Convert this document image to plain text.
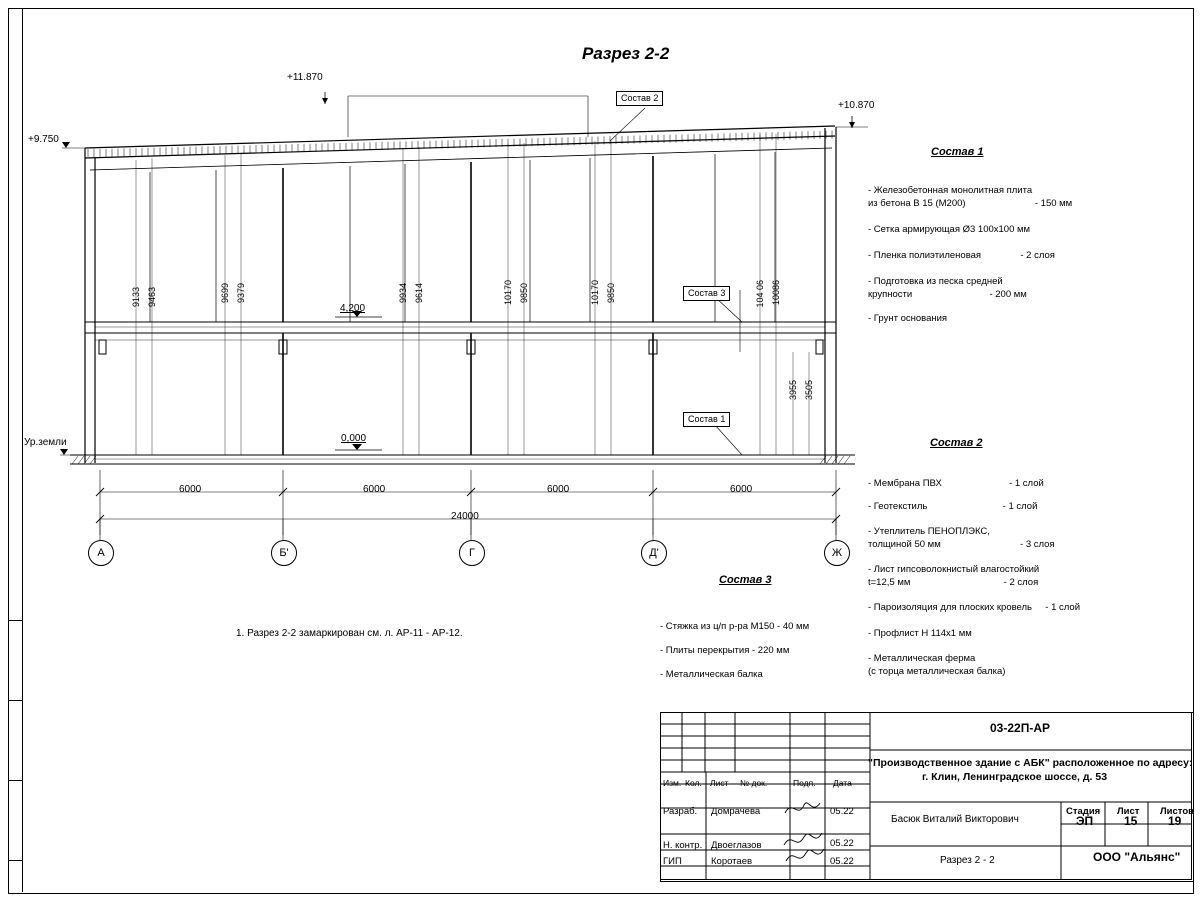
Разрез 2-2
+11.870
+10.870
+9.750
4,200
0,000
Ур.земли
Состав 2
Состав 3
Состав 1
9133 9463	9699 9379	9934 9614	10170 9850	10170 9850	104 06 10086
3955 3505
6000	6000	6000	6000
24000
А	Б'	Г	Д'	Ж
1. Разрез 2-2 замаркирован см. л. АР-11 - АР-12.
Состав 1
- Железобетонная монолитная плита
из бетона В 15 (М200)	- 150 мм
- Сетка армирующая Ø3 100х100 мм
- Пленка полиэтиленовая	- 2 слоя
- Подготовка из песка средней
крупности	- 200 мм
- Грунт основания
Состав 2
- Мембрана ПВХ	- 1 слой
- Геотекстиль	- 1 слой
- Утеплитель ПЕНОПЛЭКС,
толщиной 50 мм	- 3 слоя
- Лист гипсоволокнистый влагостойкий
t=12,5 мм	- 2 слоя
- Пароизоляция для плоских кровель - 1 слой
- Профлист Н 114х1 мм
- Металлическая ферма
(с торца металлическая балка)
Состав 3
- Стяжка из ц/п р-ра М150 - 40 мм
- Плиты перекрытия - 220 мм
- Металлическая балка
03-22П-АР
"Производственное здание с АБК" расположенное по адресу:
г. Клин, Ленинградское шоссе, д. 53
Изм. Кол. Лист № док.	Подп. Дата
Разраб. Домрачева	05.22
Н. контр. Двоеглазов	05.22
ГИП	Коротаев	05.22
Басюк Виталий Викторович
Разрез 2 - 2	ООО "Альянс"
Стадия Лист Листов
ЭП	15	19
